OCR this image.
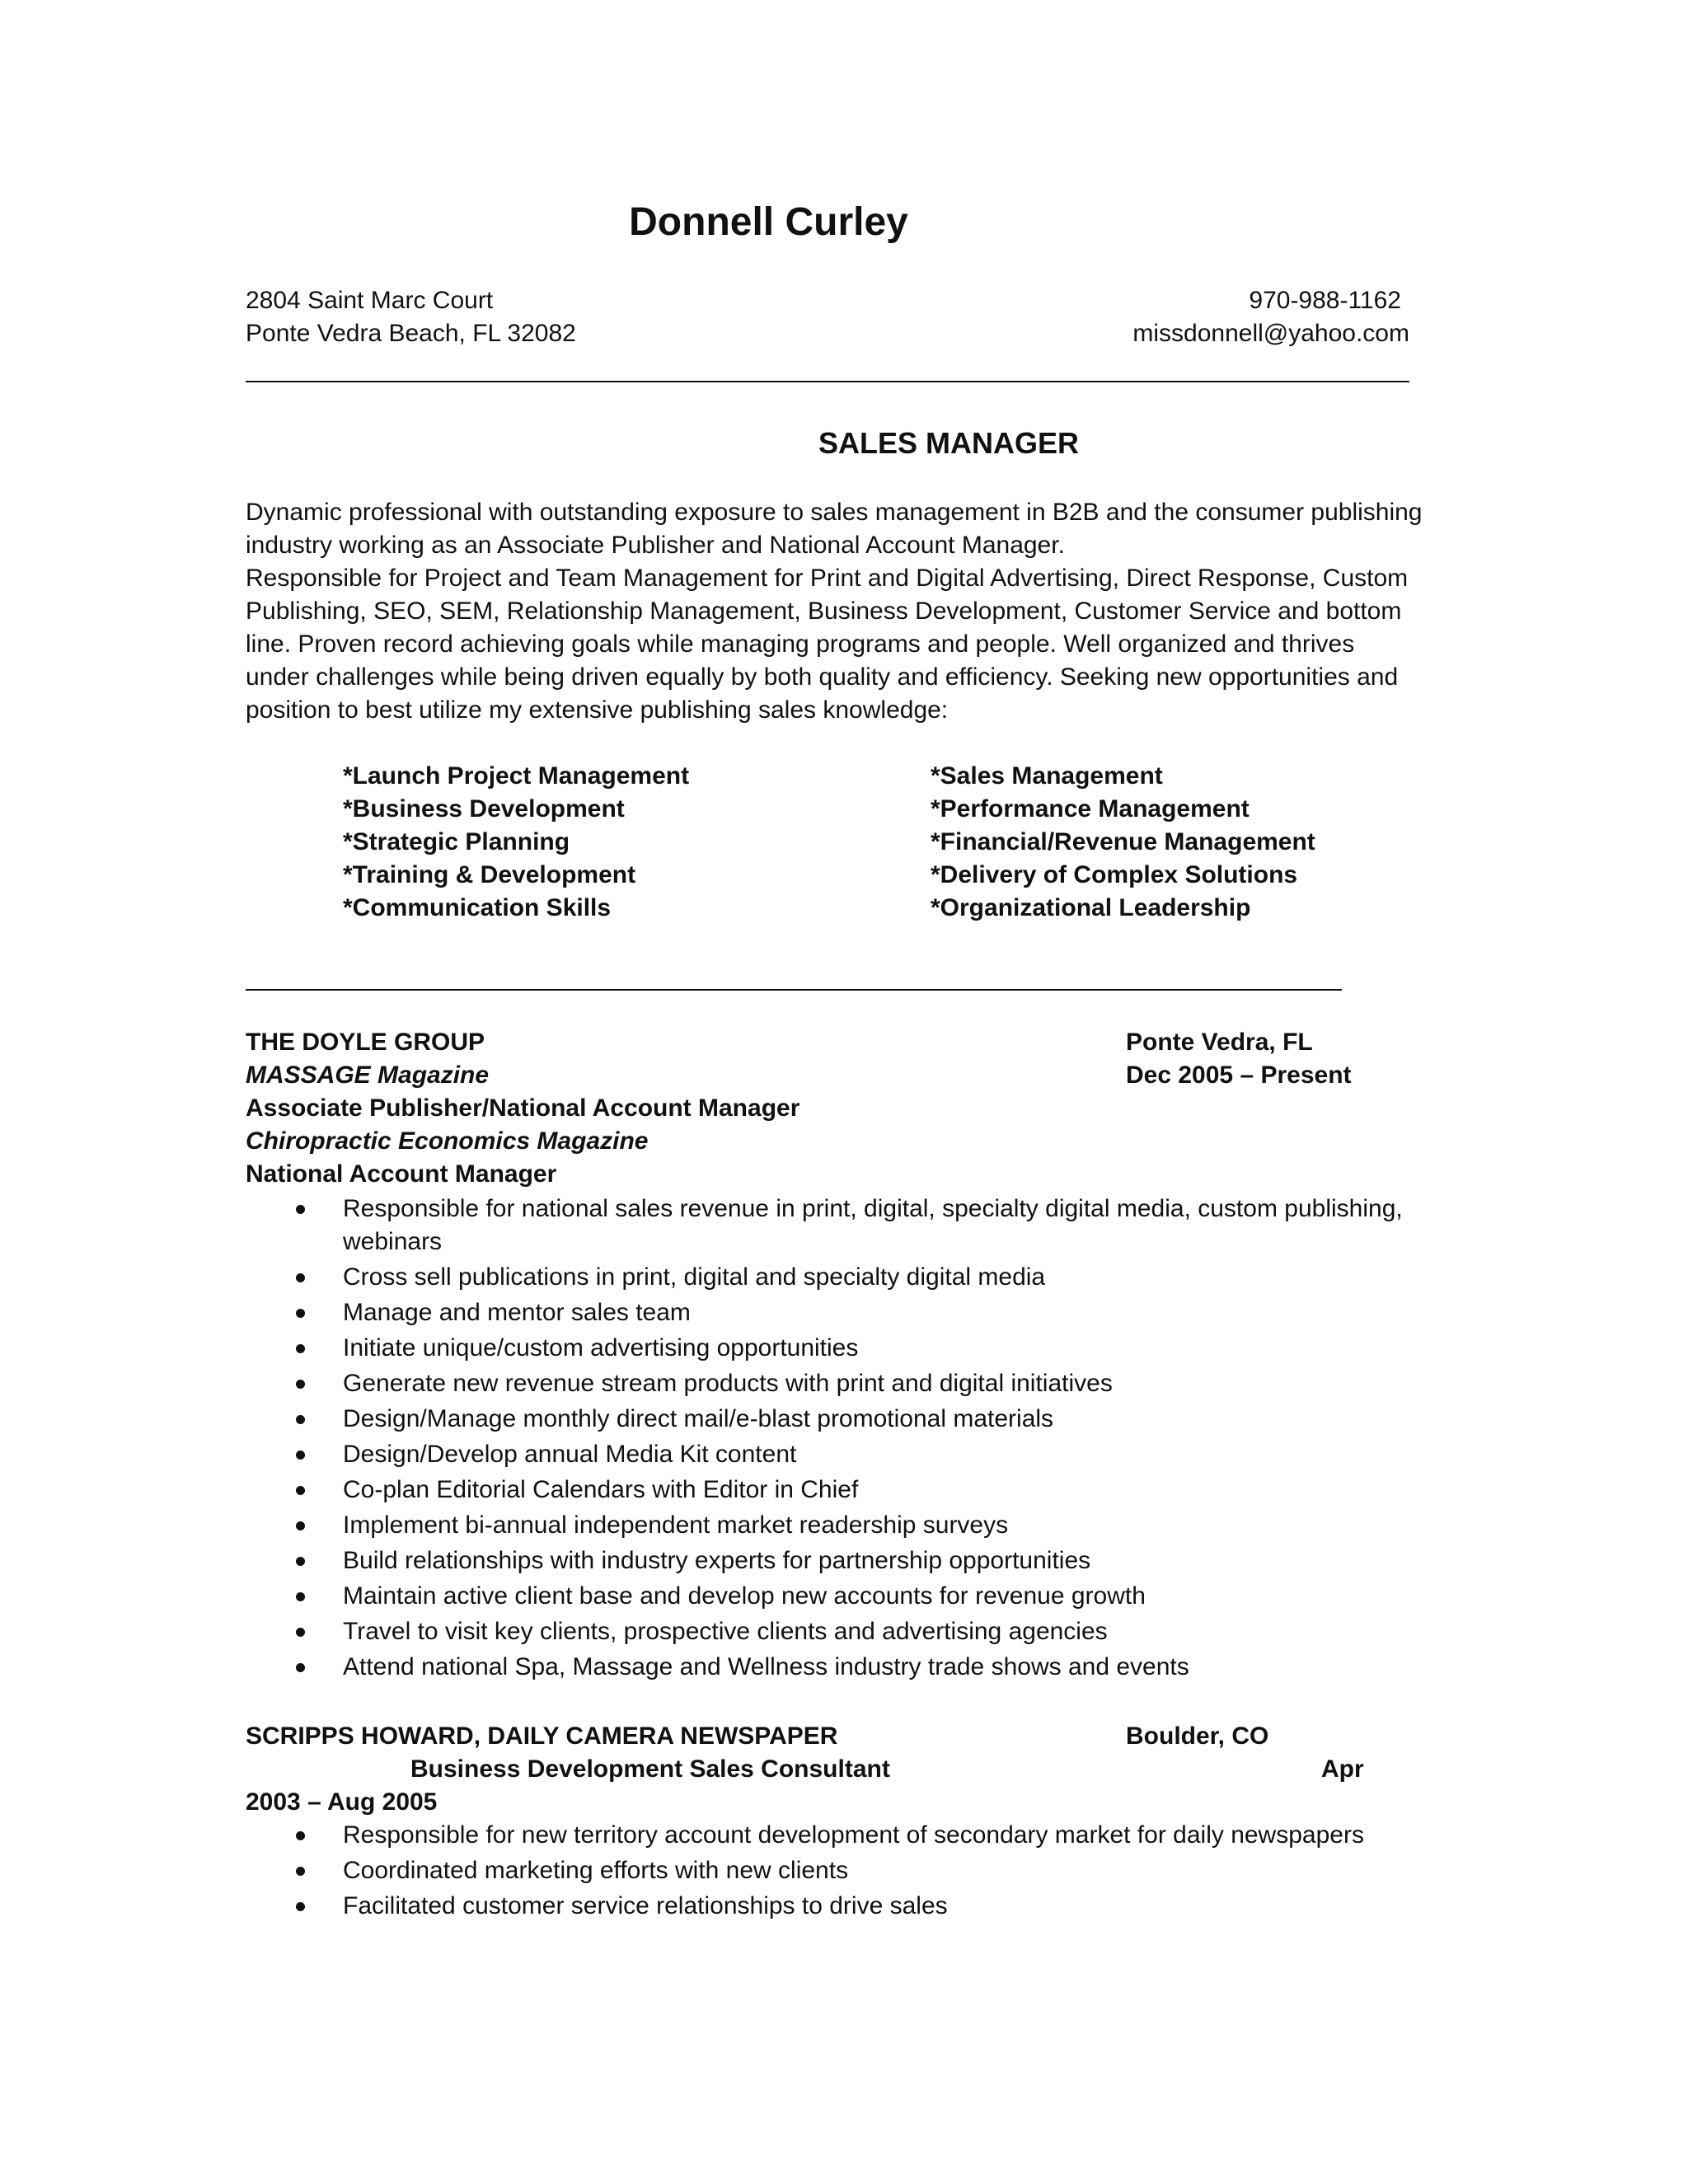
Donnell Curley
2804 Saint Marc Court
Ponte Vedra Beach, FL 32082
970-988-1162
missdonnell@yahoo.com
SALES MANAGER

Dynamic professional with outstanding exposure to sales management in B2B and the consumer publishing industry working as an Associate Publisher and National Account Manager.

Responsible for Project and Team Management for Print and Digital Advertising, Direct Response, Custom Publishing, SEO, SEM, Relationship Management, Business Development, Customer Service and bottom line. Proven record achieving goals while managing programs and people. Well organized and thrives under challenges while being driven equally by both quality and efficiency. Seeking new opportunities and position to best utilize my extensive publishing sales knowledge:

*Launch Project Management
*Business Development
*Strategic Planning
*Training & Development
*Communication Skills
*Sales Management
*Performance Management
*Financial/Revenue Management
*Delivery of Complex Solutions
*Organizational Leadership
THE DOYLE GROUP	Ponte Vedra, FL
MASSAGE Magazine	Dec 2005 – Present
Associate Publisher/National Account Manager
Chiropractic Economics Magazine
National Account Manager
Responsible for national sales revenue in print, digital, specialty digital media, custom publishing, webinars
Cross sell publications in print, digital and specialty digital media
Manage and mentor sales team
Initiate unique/custom advertising opportunities
Generate new revenue stream products with print and digital initiatives
Design/Manage monthly direct mail/e-blast promotional materials
Design/Develop annual Media Kit content
Co-plan Editorial Calendars with Editor in Chief
Implement bi-annual independent market readership surveys
Build relationships with industry experts for partnership opportunities
Maintain active client base and develop new accounts for revenue growth
Travel to visit key clients, prospective clients and advertising agencies
Attend national Spa, Massage and Wellness industry trade shows and events
SCRIPPS HOWARD, DAILY CAMERA NEWSPAPER	Boulder, CO
Business Development Sales Consultant	Apr
2003 – Aug 2005
Responsible for new territory account development of secondary market for daily newspapers
Coordinated marketing efforts with new clients
Facilitated customer service relationships to drive sales
